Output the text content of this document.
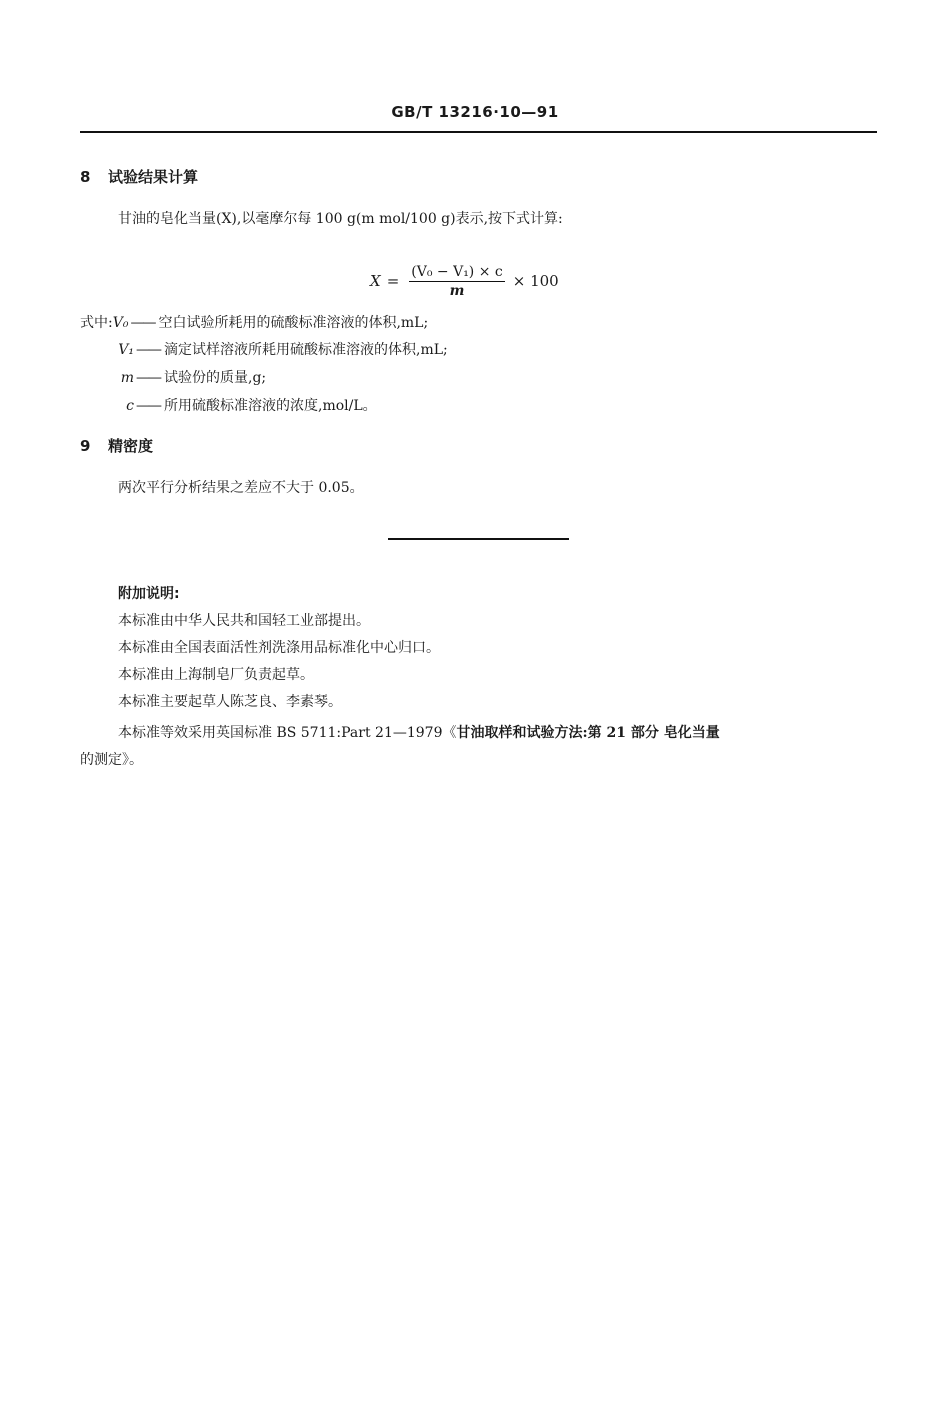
GB/T 13216·10—91
8 试验结果计算
甘油的皂化当量(X),以毫摩尔每 100 g(m mol/100 g)表示,按下式计算:
$X = \frac{\text{(V₀ − V₁) × c}}{m} \times 100$
式中:V₀ —— 空白试验所耗用的硫酸标准溶液的体积,mL;
V₁ —— 滴定试样溶液所耗用硫酸标准溶液的体积,mL;
m —— 试验份的质量,g;
c —— 所用硫酸标准溶液的浓度,mol/L。
9 精密度
两次平行分析结果之差应不大于 0.05。
附加说明:
本标准由中华人民共和国轻工业部提出。
本标准由全国表面活性剂洗涤用品标准化中心归口。
本标准由上海制皂厂负责起草。
本标准主要起草人陈芝良、李素琴。
本标准等效采用英国标准 BS 5711:Part 21—1979《甘油取样和试验方法:第 21 部分 皂化当量
的测定》。
